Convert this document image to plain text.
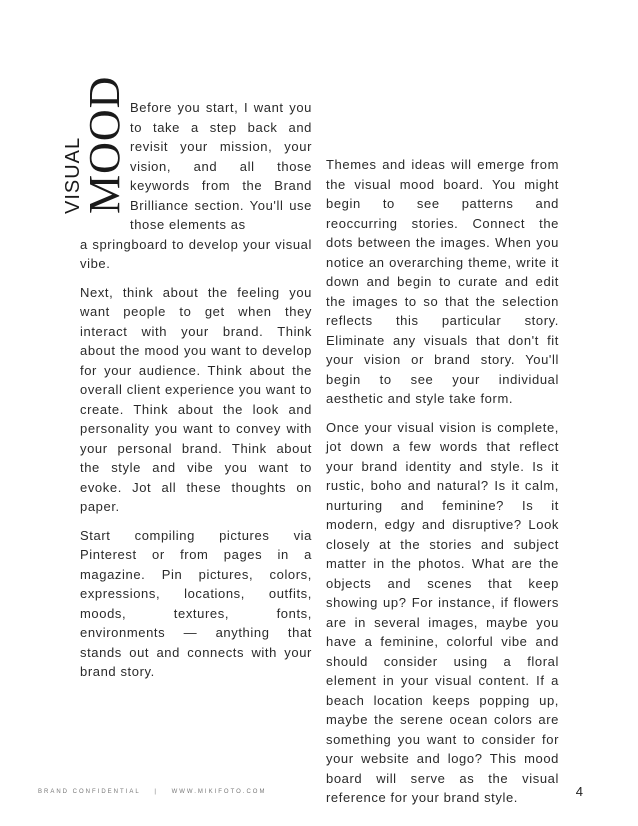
VISUAL
MOOD Before you start, I want you to take a step back and revisit your mission, your vision, and all those keywords from the Brand Brilliance section. You'll use those elements as

a springboard to develop your visual vibe.

Next, think about the feeling you want people to get when they interact with your brand. Think about the mood you want to develop for your audience. Think about the overall client experience you want to create. Think about the look and personality you want to convey with your personal brand. Think about the style and vibe you want to evoke. Jot all these thoughts on paper.

Start compiling pictures via Pinterest or from pages in a magazine. Pin pictures, colors, expressions, locations, outfits, moods, textures, fonts, environments — anything that stands out and connects with your brand story.

Themes and ideas will emerge from the visual mood board. You might begin to see patterns and reoccurring stories. Connect the dots between the images. When you notice an overarching theme, write it down and begin to curate and edit the images to so that the selection reflects this particular story. Eliminate any visuals that don't fit your vision or brand story. You'll begin to see your individual aesthetic and style take form.

Once your visual vision is complete, jot down a few words that reflect your brand identity and style. Is it rustic, boho and natural? Is it calm, nurturing and feminine? Is it modern, edgy and disruptive? Look closely at the stories and subject matter in the photos. What are the objects and scenes that keep showing up? For instance, if flowers are in several images, maybe you have a feminine, colorful vibe and should consider using a floral element in your visual content. If a beach location keeps popping up, maybe the serene ocean colors are something you want to consider for your website and logo? This mood board will serve as the visual reference for your brand style.

BRAND CONFIDENTIAL | WWW.MIKIFOTO.COM	4
